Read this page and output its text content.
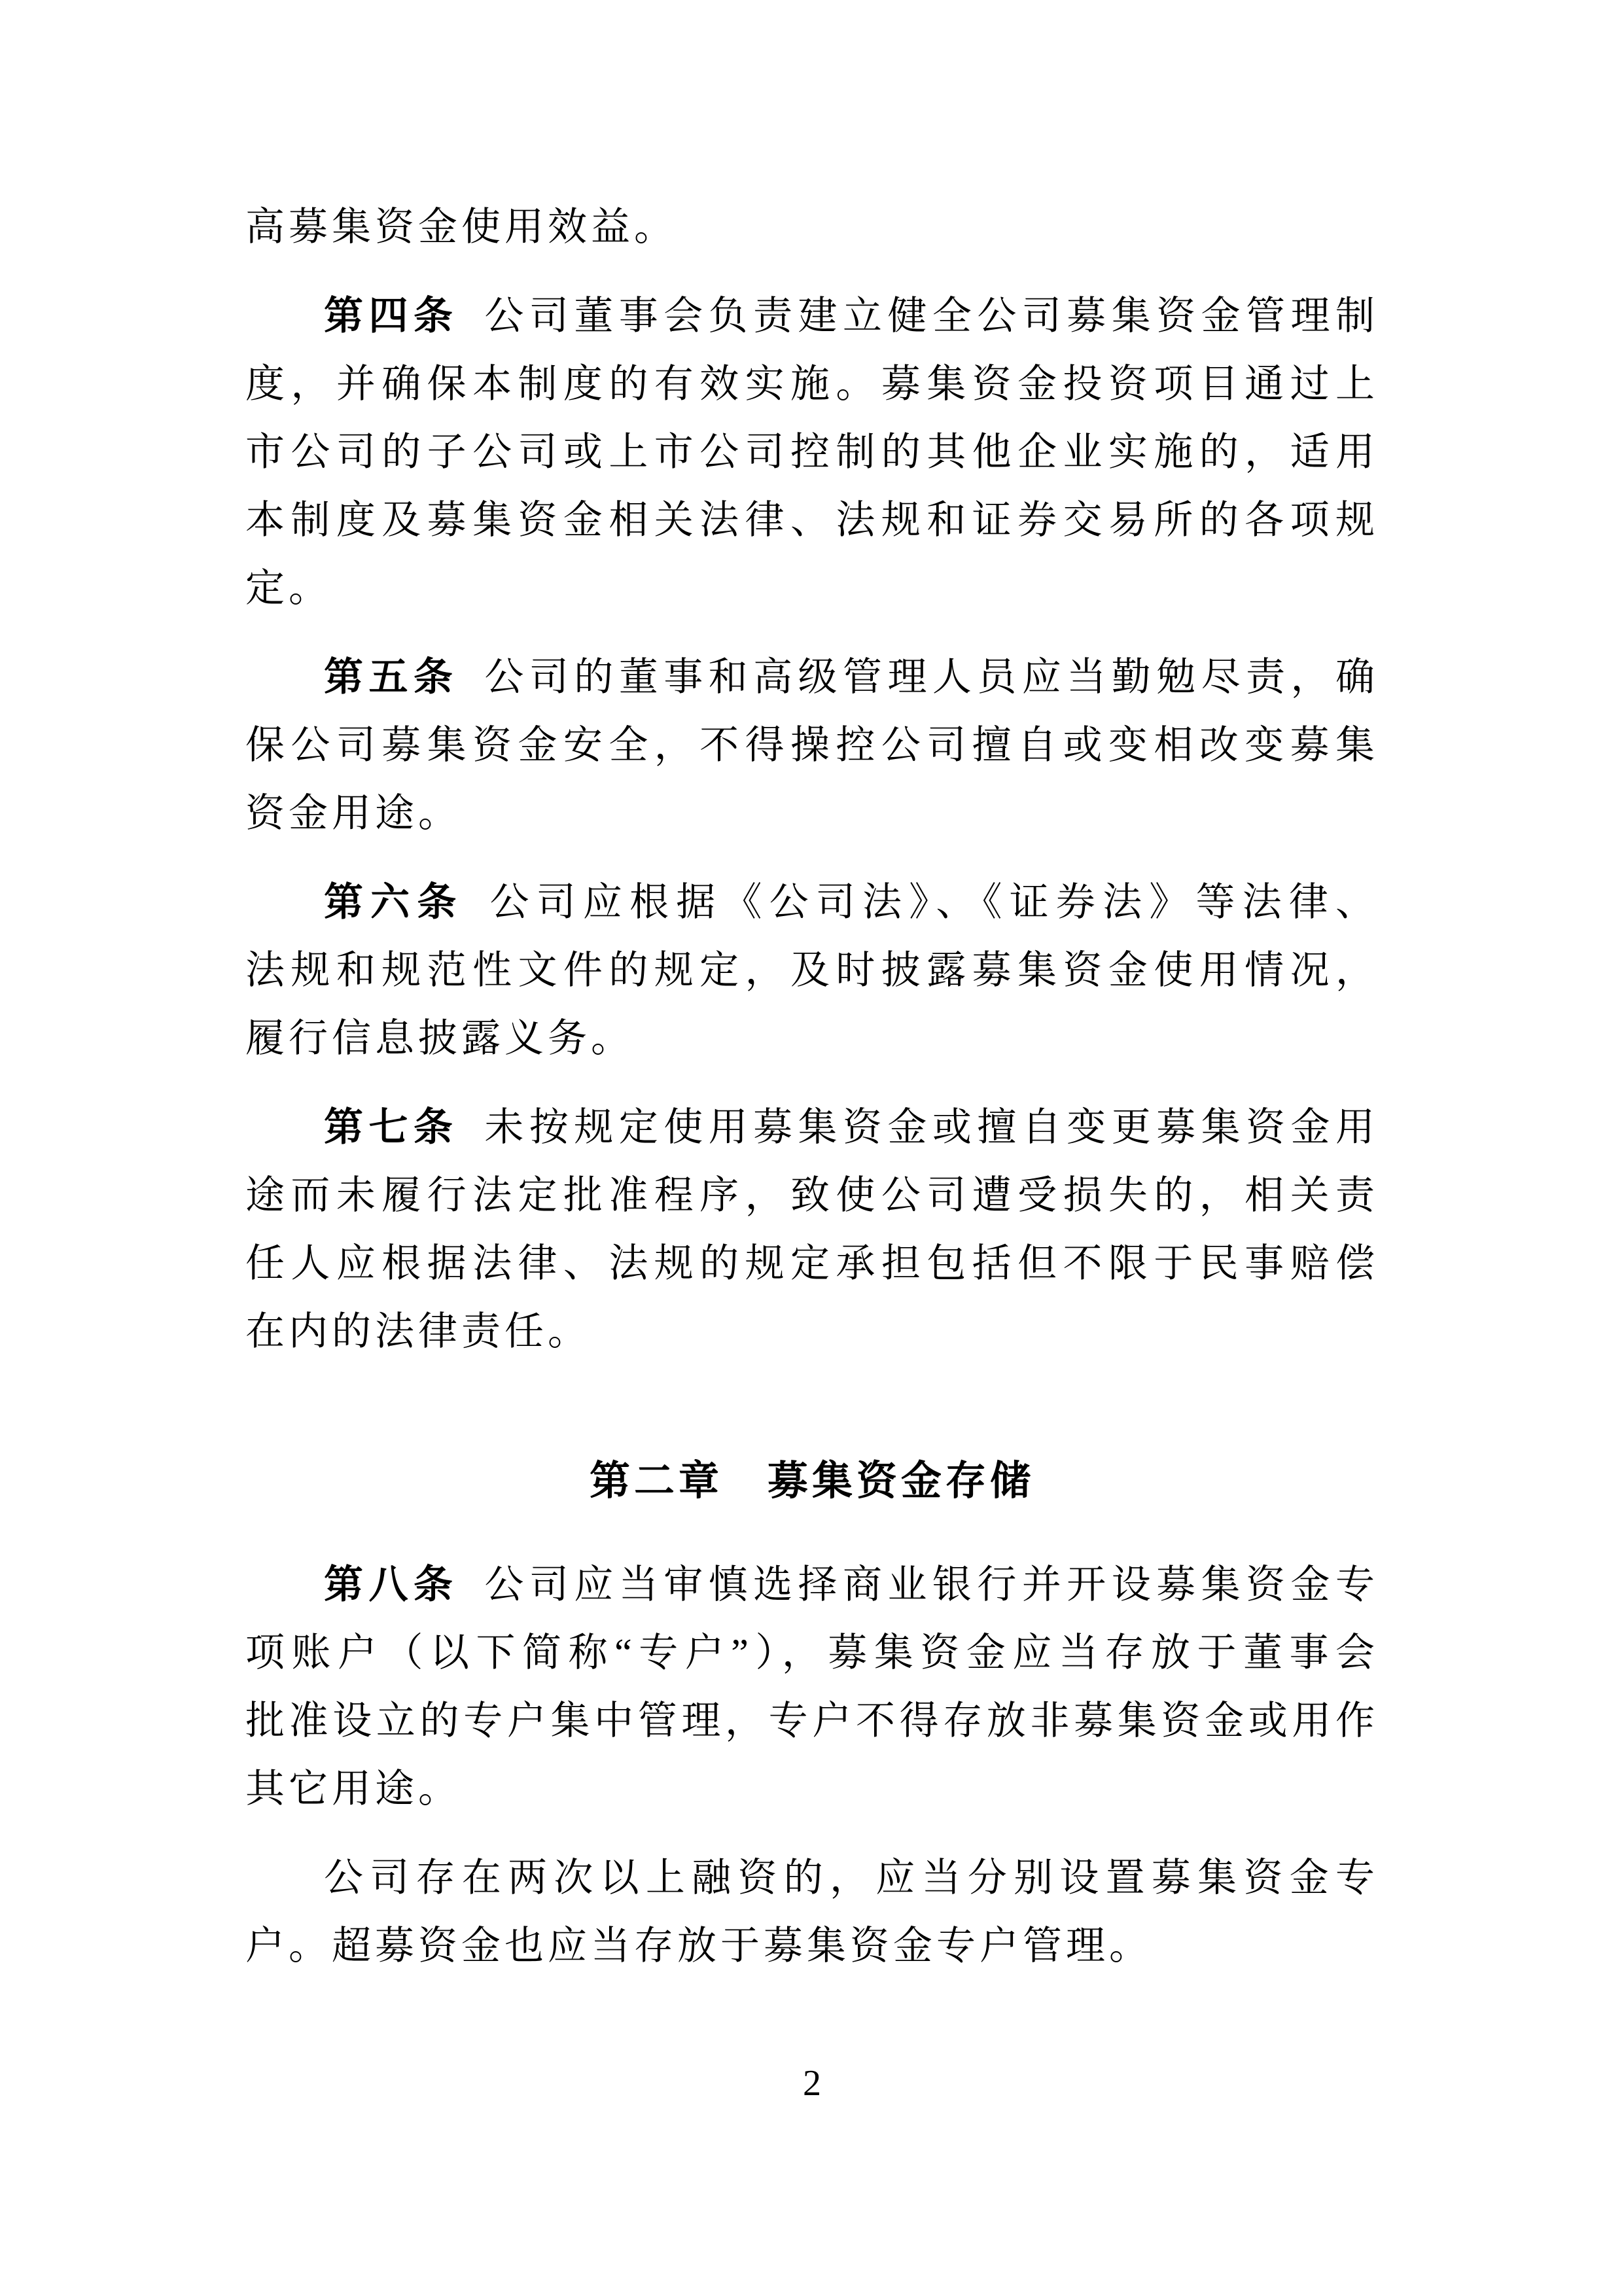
高募集资金使用效益。
第四条 公司董事会负责建立健全公司募集资金管理制
度，并确保本制度的有效实施。募集资金投资项目通过上
市公司的子公司或上市公司控制的其他企业实施的，适用
本制度及募集资金相关法律、法规和证券交易所的各项规
定。
第五条 公司的董事和高级管理人员应当勤勉尽责，确
保公司募集资金安全，不得操控公司擅自或变相改变募集
资金用途。
第六条 公司应根据《公司法》、《证券法》等法律、
法规和规范性文件的规定，及时披露募集资金使用情况，
履行信息披露义务。
第七条 未按规定使用募集资金或擅自变更募集资金用
途而未履行法定批准程序，致使公司遭受损失的，相关责
任人应根据法律、法规的规定承担包括但不限于民事赔偿
在内的法律责任。
第二章　募集资金存储
第八条 公司应当审慎选择商业银行并开设募集资金专
项账户（以下简称“专户”），募集资金应当存放于董事会
批准设立的专户集中管理，专户不得存放非募集资金或用作
其它用途。
公司存在两次以上融资的，应当分别设置募集资金专
户。超募资金也应当存放于募集资金专户管理。
2
